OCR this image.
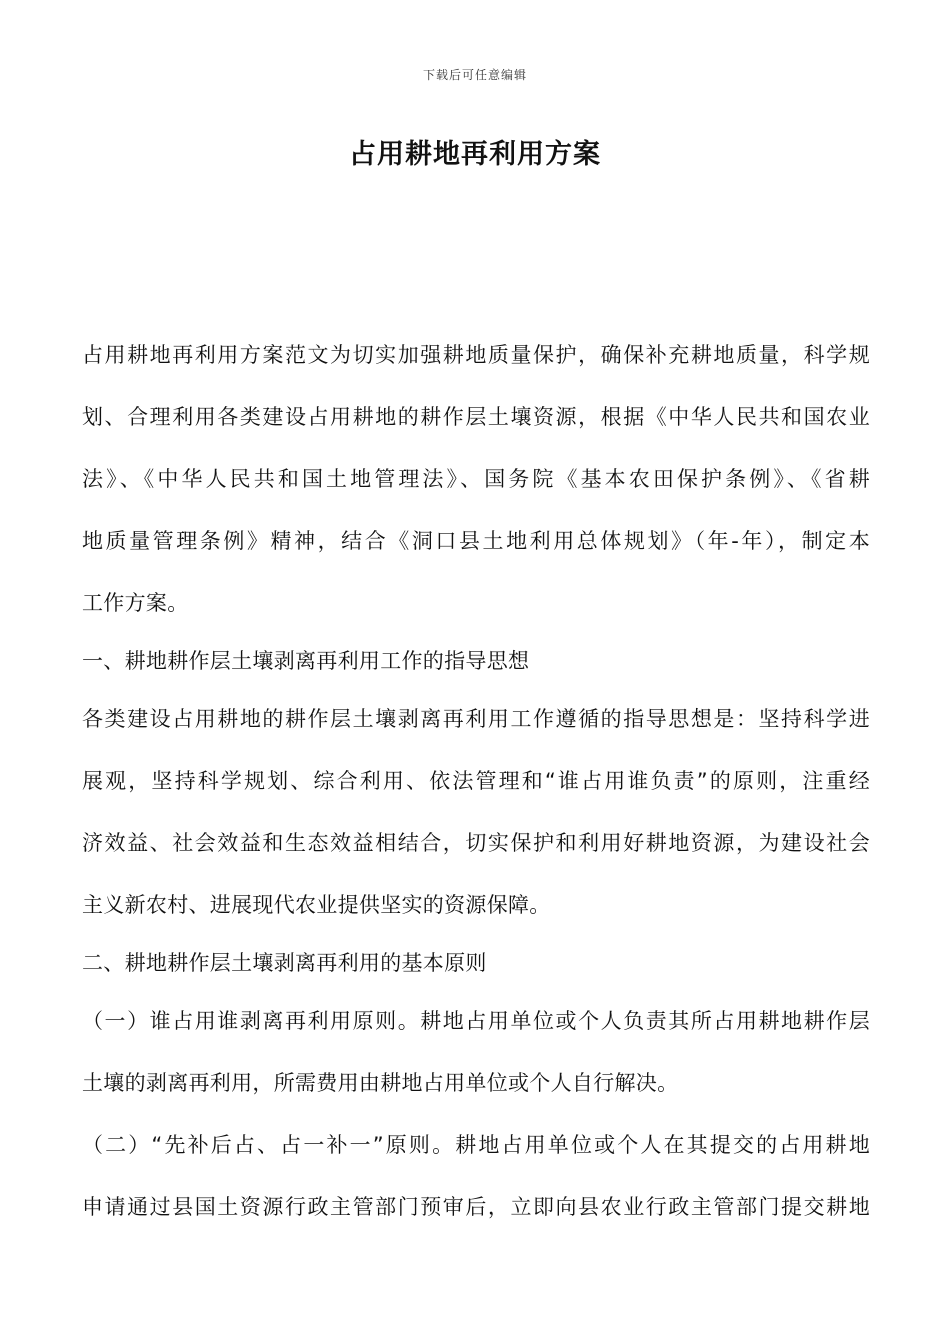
下载后可任意编辑
占用耕地再利用方案
占用耕地再利用方案范文为切实加强耕地质量保护，确保补充耕地质量，科学规
划、合理利用各类建设占用耕地的耕作层土壤资源，根据《中华人民共和国农业
法》、《中华人民共和国土地管理法》、国务院《基本农田保护条例》、《省耕
地质量管理条例》精神，结合《洞口县土地利用总体规划》（年-年），制定本
工作方案。
一、耕地耕作层土壤剥离再利用工作的指导思想
各类建设占用耕地的耕作层土壤剥离再利用工作遵循的指导思想是：坚持科学进
展观，坚持科学规划、综合利用、依法管理和“谁占用谁负责”的原则，注重经
济效益、社会效益和生态效益相结合，切实保护和利用好耕地资源，为建设社会
主义新农村、进展现代农业提供坚实的资源保障。
二、耕地耕作层土壤剥离再利用的基本原则
（一）谁占用谁剥离再利用原则。耕地占用单位或个人负责其所占用耕地耕作层
土壤的剥离再利用，所需费用由耕地占用单位或个人自行解决。
（二）“先补后占、占一补一”原则。耕地占用单位或个人在其提交的占用耕地
申请通过县国土资源行政主管部门预审后，立即向县农业行政主管部门提交耕地
